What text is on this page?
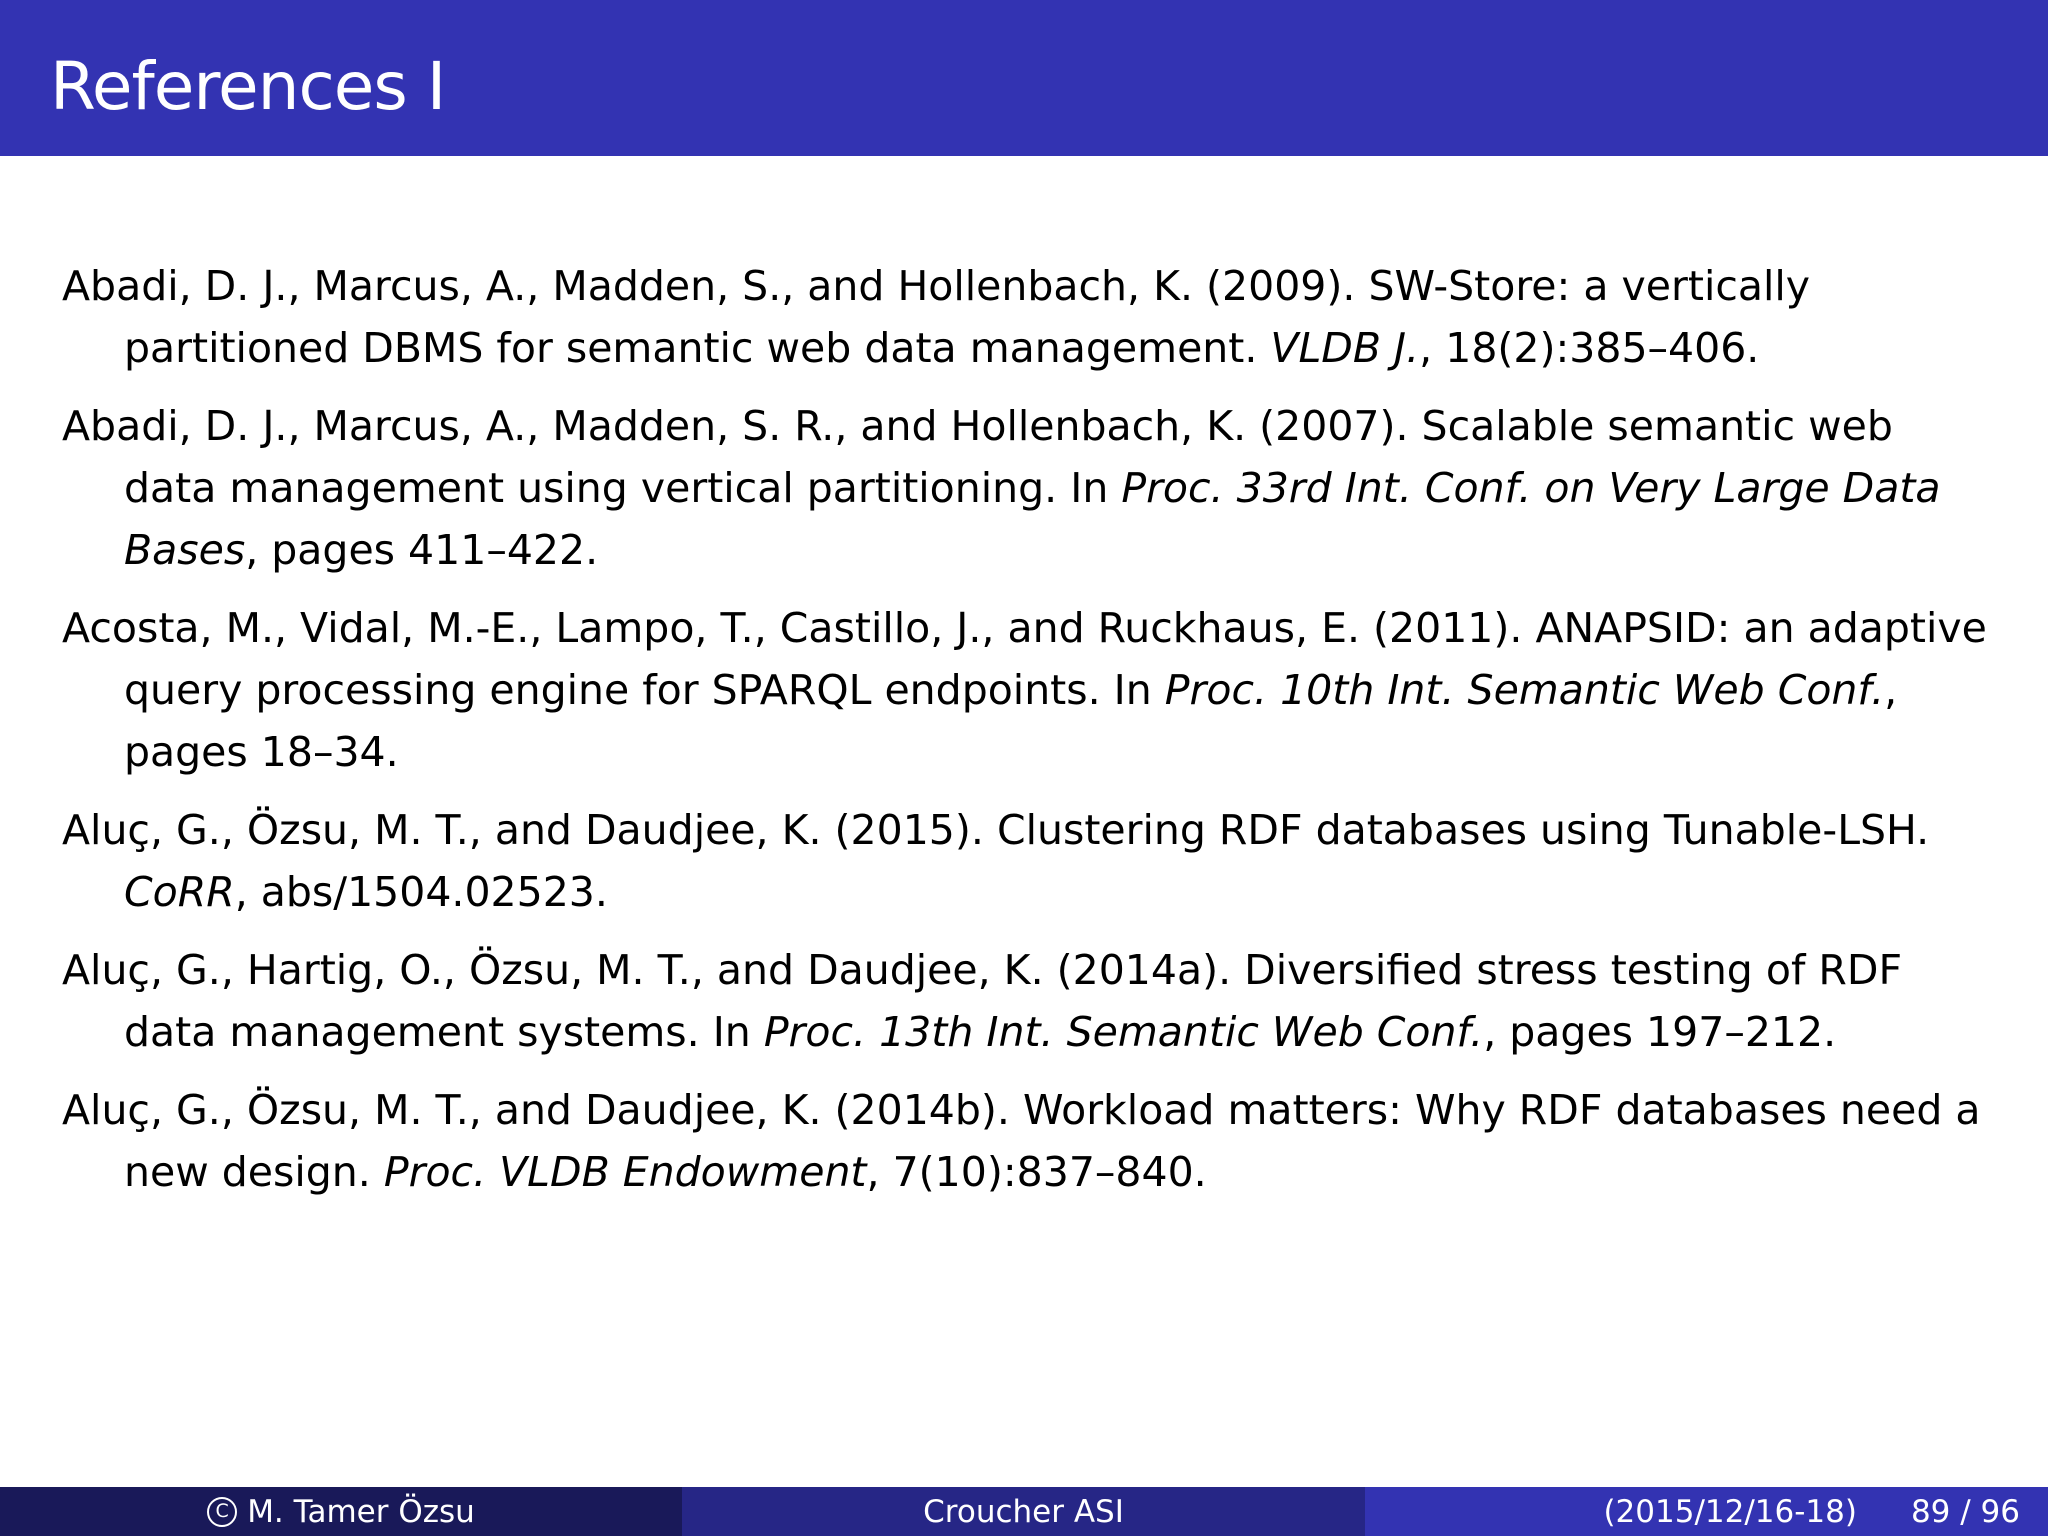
References I
Abadi, D. J., Marcus, A., Madden, S., and Hollenbach, K. (2009). SW-Store: a vertically partitioned DBMS for semantic web data management. VLDB J., 18(2):385–406.
Abadi, D. J., Marcus, A., Madden, S. R., and Hollenbach, K. (2007). Scalable semantic web data management using vertical partitioning. In Proc. 33rd Int. Conf. on Very Large Data Bases, pages 411–422.
Acosta, M., Vidal, M.-E., Lampo, T., Castillo, J., and Ruckhaus, E. (2011). ANAPSID: an adaptive query processing engine for SPARQL endpoints. In Proc. 10th Int. Semantic Web Conf., pages 18–34.
Aluç, G., Özsu, M. T., and Daudjee, K. (2015). Clustering RDF databases using Tunable-LSH. CoRR, abs/1504.02523.
Aluç, G., Hartig, O., Özsu, M. T., and Daudjee, K. (2014a). Diversified stress testing of RDF data management systems. In Proc. 13th Int. Semantic Web Conf., pages 197–212.
Aluç, G., Özsu, M. T., and Daudjee, K. (2014b). Workload matters: Why RDF databases need a new design. Proc. VLDB Endowment, 7(10):837–840.
C M. Tamer Özsu	Croucher ASI	(2015/12/16-18) 89 / 96
